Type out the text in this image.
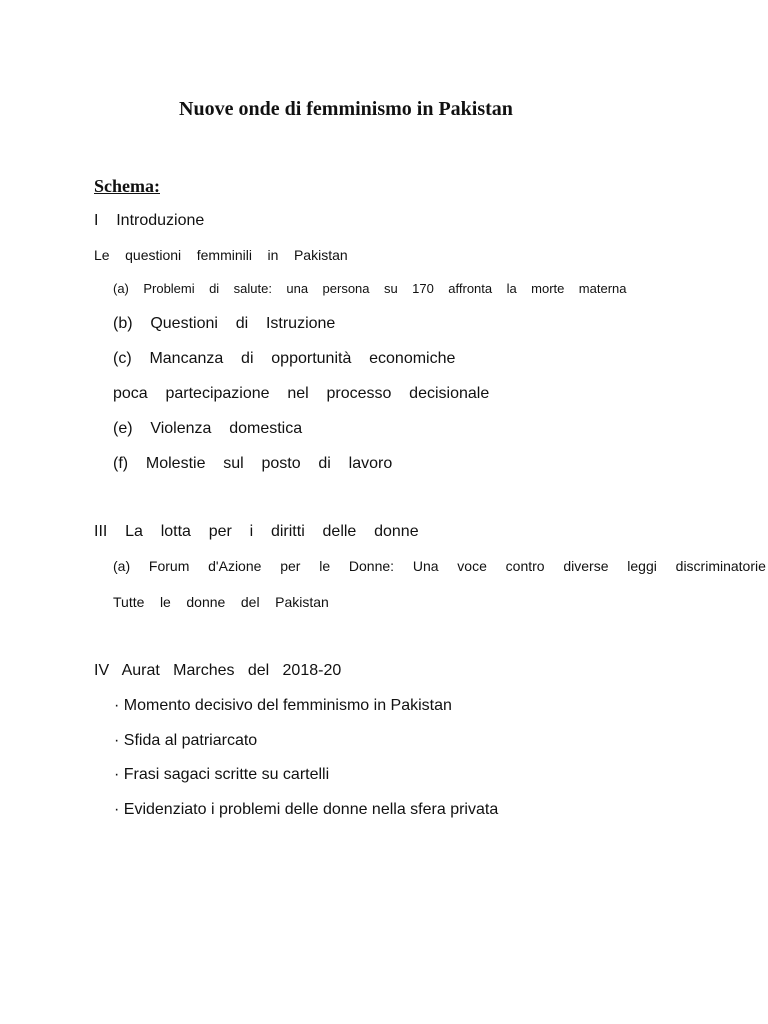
Nuove onde di femminismo in Pakistan
Schema:
I    Introduzione
Le    questioni    femminili    in    Pakistan
(a)    Problemi    di    salute:    una    persona    su    170    affronta    la    morte    materna
(b)    Questioni    di    Istruzione
(c)    Mancanza    di    opportunità    economiche
poca    partecipazione    nel    processo    decisionale
(e)    Violenza    domestica
(f)    Molestie    sul    posto    di    lavoro
III    La    lotta    per    i    diritti    delle    donne
(a) Forum d'Azione per le Donne: Una voce contro diverse leggi discriminatorie
Tutte    le    donne    del    Pakistan
IV   Aurat   Marches   del   2018-20
· Momento decisivo del femminismo in Pakistan
· Sfida al patriarcato
· Frasi sagaci scritte su cartelli
· Evidenziato i problemi delle donne nella sfera privata
